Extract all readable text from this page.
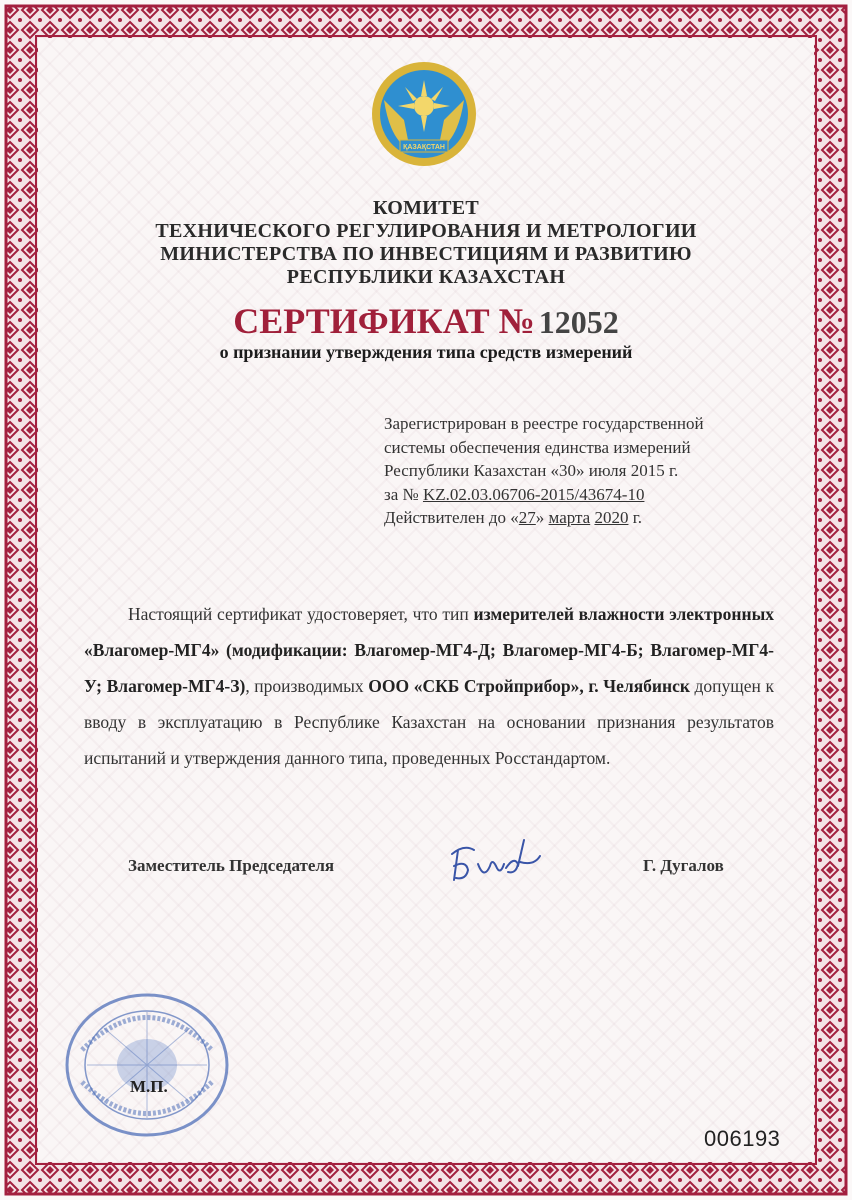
ҚАЗАҚСТАН
КОМИТЕТ
ТЕХНИЧЕСКОГО РЕГУЛИРОВАНИЯ И МЕТРОЛОГИИ
МИНИСТЕРСТВА ПО ИНВЕСТИЦИЯМ И РАЗВИТИЮ
РЕСПУБЛИКИ КАЗАХСТАН
СЕРТИФИКАТ № 12052
о признании утверждения типа средств измерений
Зарегистрирован в реестре государственной
системы обеспечения единства измерений
Республики Казахстан «30» июля 2015 г.
за № KZ.02.03.06706-2015/43674-10
Действителен до «27» марта 2020 г.
Настоящий сертификат удостоверяет, что тип измерителей влажности электронных «Влагомер-МГ4» (модификации: Влагомер-МГ4-Д; Влагомер-МГ4-Б; Влагомер-МГ4-У; Влагомер-МГ4-З), производимых ООО «СКБ Стройприбор», г. Челябинск допущен к вводу в эксплуатацию в Республике Казахстан на основании признания результатов испытаний и утверждения данного типа, проведенных Росстандартом.
Заместитель Председателя	Г. Дугалов
М.П.
006193
